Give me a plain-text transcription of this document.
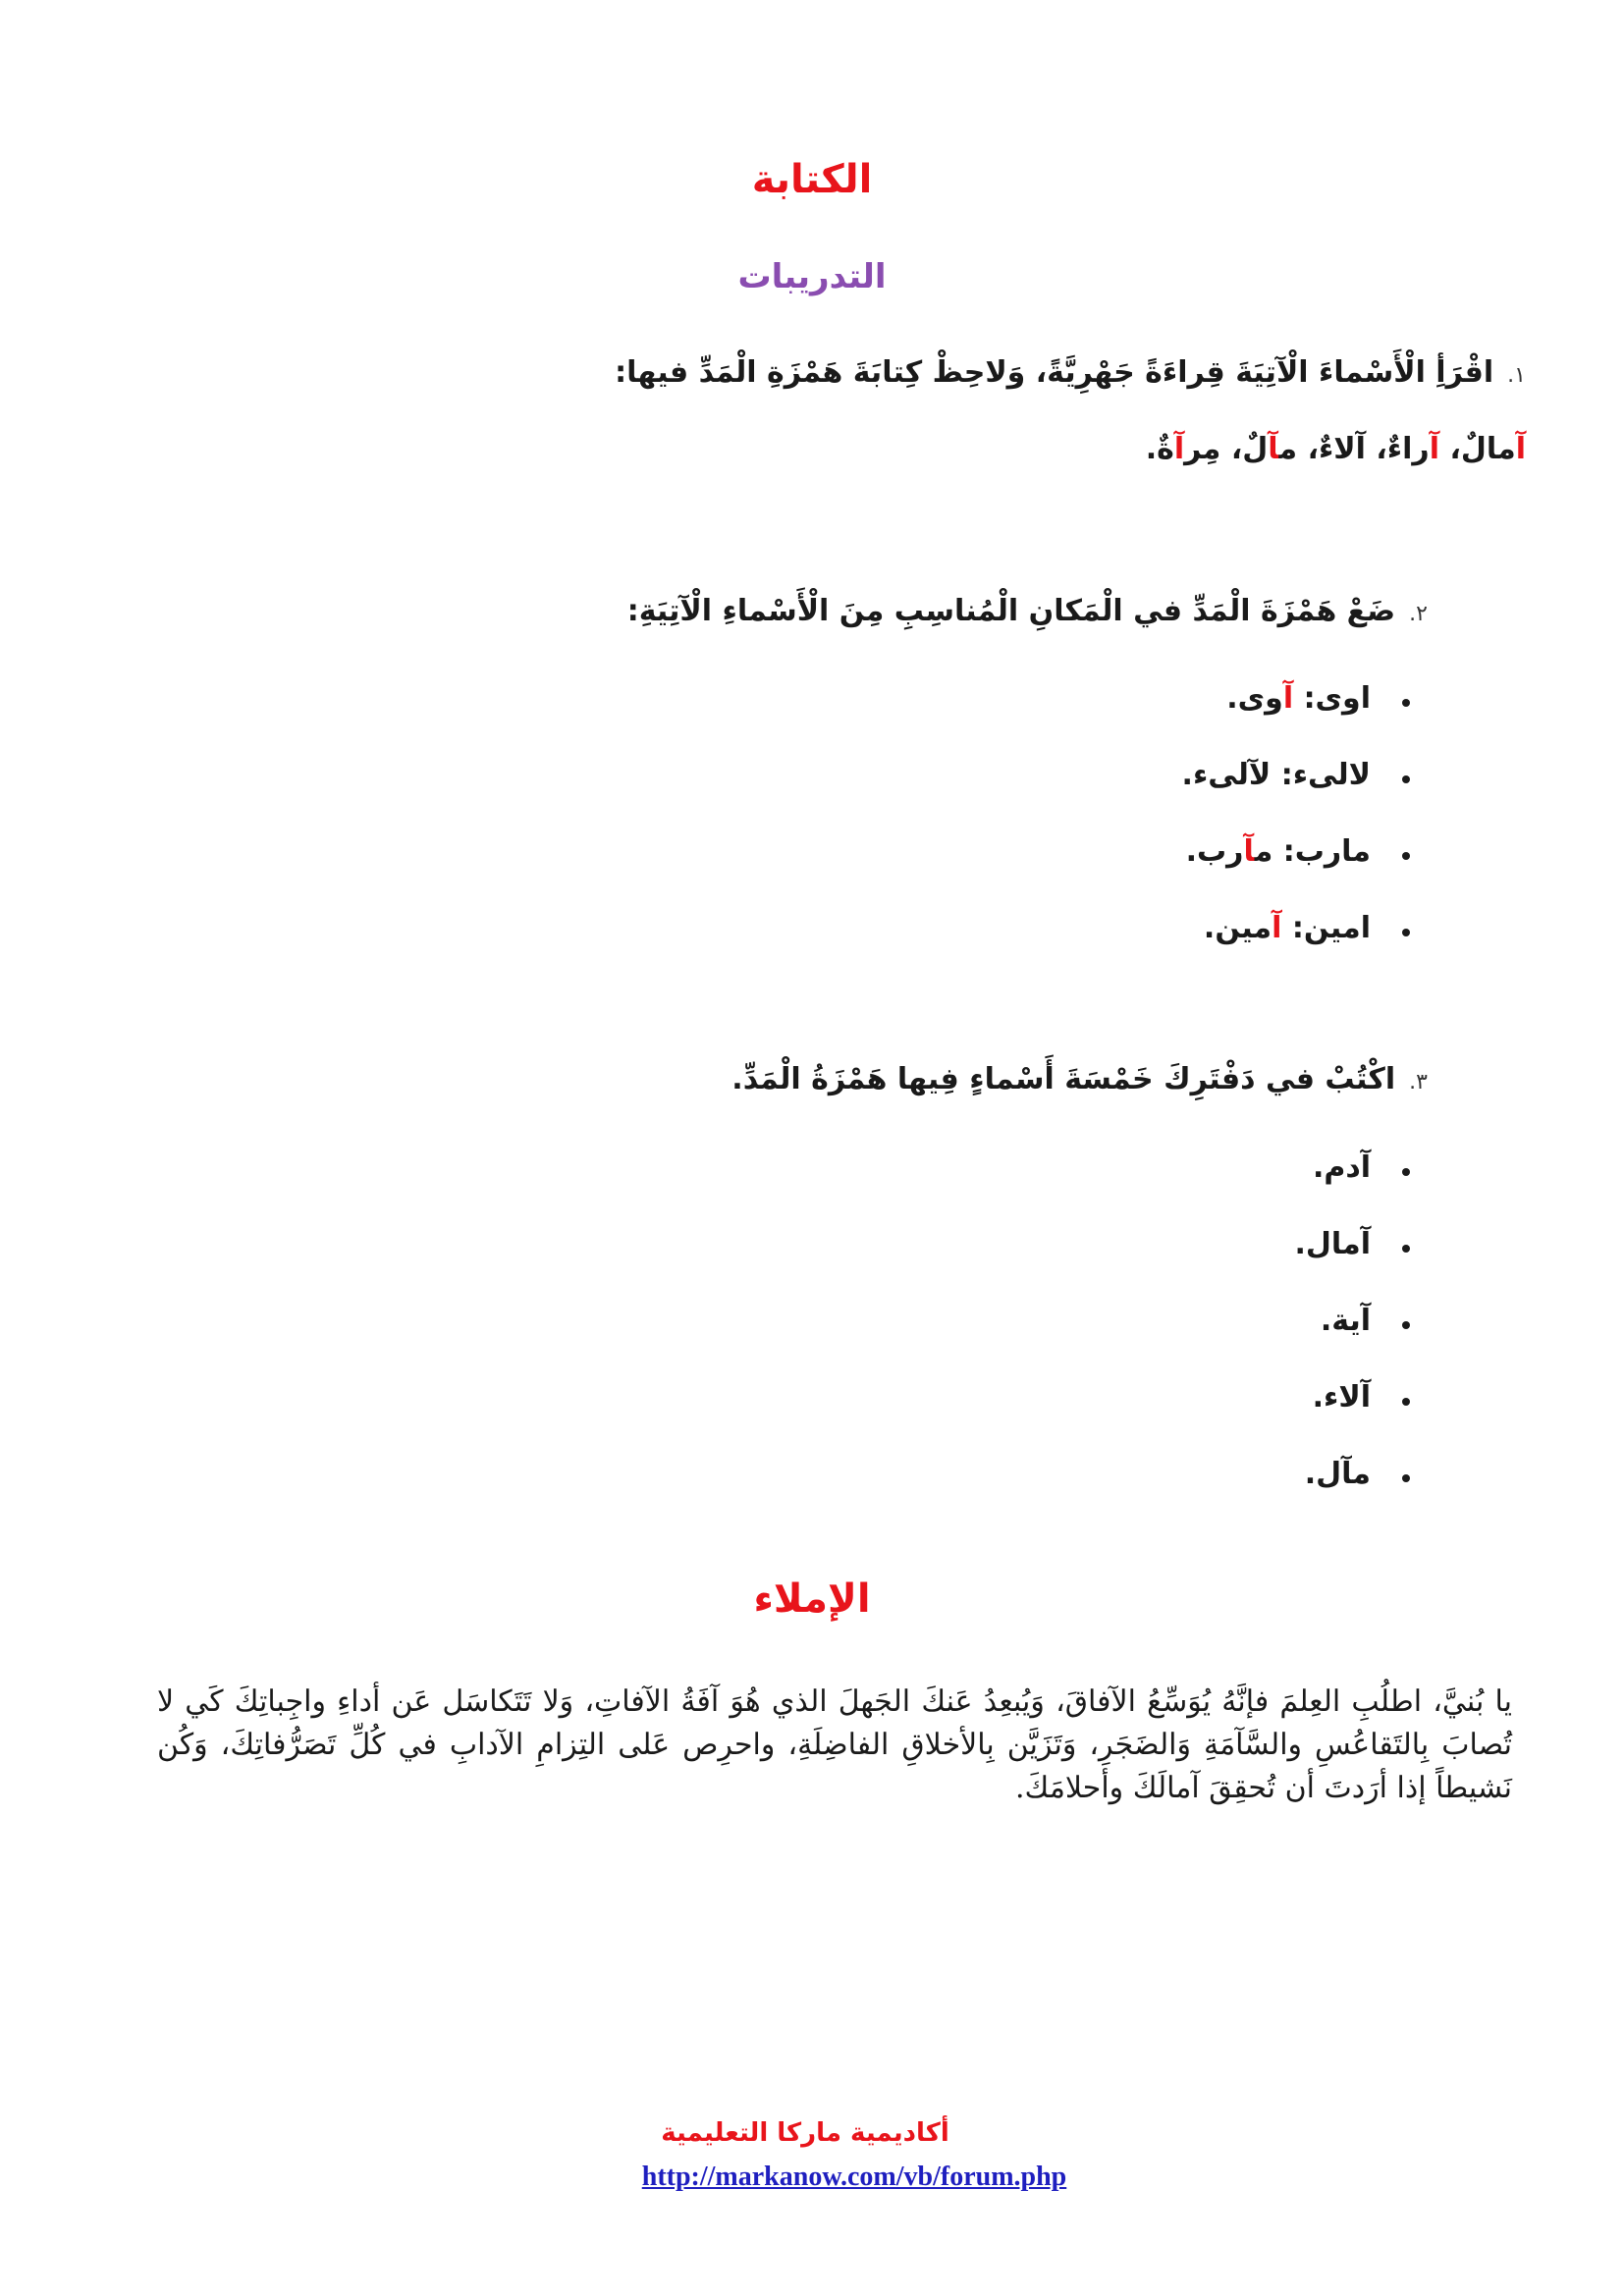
الكتابة
التدريبات
١.اقْرَأِ الْأَسْماءَ الْآتِيَةَ قِراءَةً جَهْرِيَّةً، وَلاحِظْ كِتابَةَ هَمْزَةِ الْمَدِّ فيها:
آمالٌ، آراءٌ، آلاءٌ، مآلٌ، مِرآةٌ.
٢.ضَعْ هَمْزَةَ الْمَدِّ في الْمَكانِ الْمُناسِبِ مِنَ الْأَسْماءِ الْآتِيَةِ:
اوى: آوى.
لالىء: لآلىء.
مارب: مآرب.
امين: آمين.
٣.اكْتُبْ في دَفْتَرِكَ خَمْسَةَ أَسْماءٍ فِيها هَمْزَةُ الْمَدِّ.
آدم.
آمال.
آية.
آلاء.
مآل.
الإملاء
يا بُنيَّ، اطلُبِ العِلمَ فإنَّهُ يُوَسِّعُ الآفاقَ، وَيُبعِدُ عَنكَ الجَهلَ الذي هُوَ آفَةُ الآفاتِ، وَلا تَتَكاسَل عَن أداءِ واجِباتِكَ كَي لا تُصابَ بِالتَقاعُسِ والسَّآمَةِ وَالضَجَرِ، وَتَزَيَّن بِالأخلاقِ الفاضِلَةِ، واحرِص عَلى التِزامِ الآدابِ في كُلِّ تَصَرُّفاتِكَ، وَكُن نَشيطاً إذا أرَدتَ أن تُحقِقَ آمالَكَ وأحلامَكَ.
أكاديمية ماركا التعليمية
http://markanow.com/vb/forum.php
